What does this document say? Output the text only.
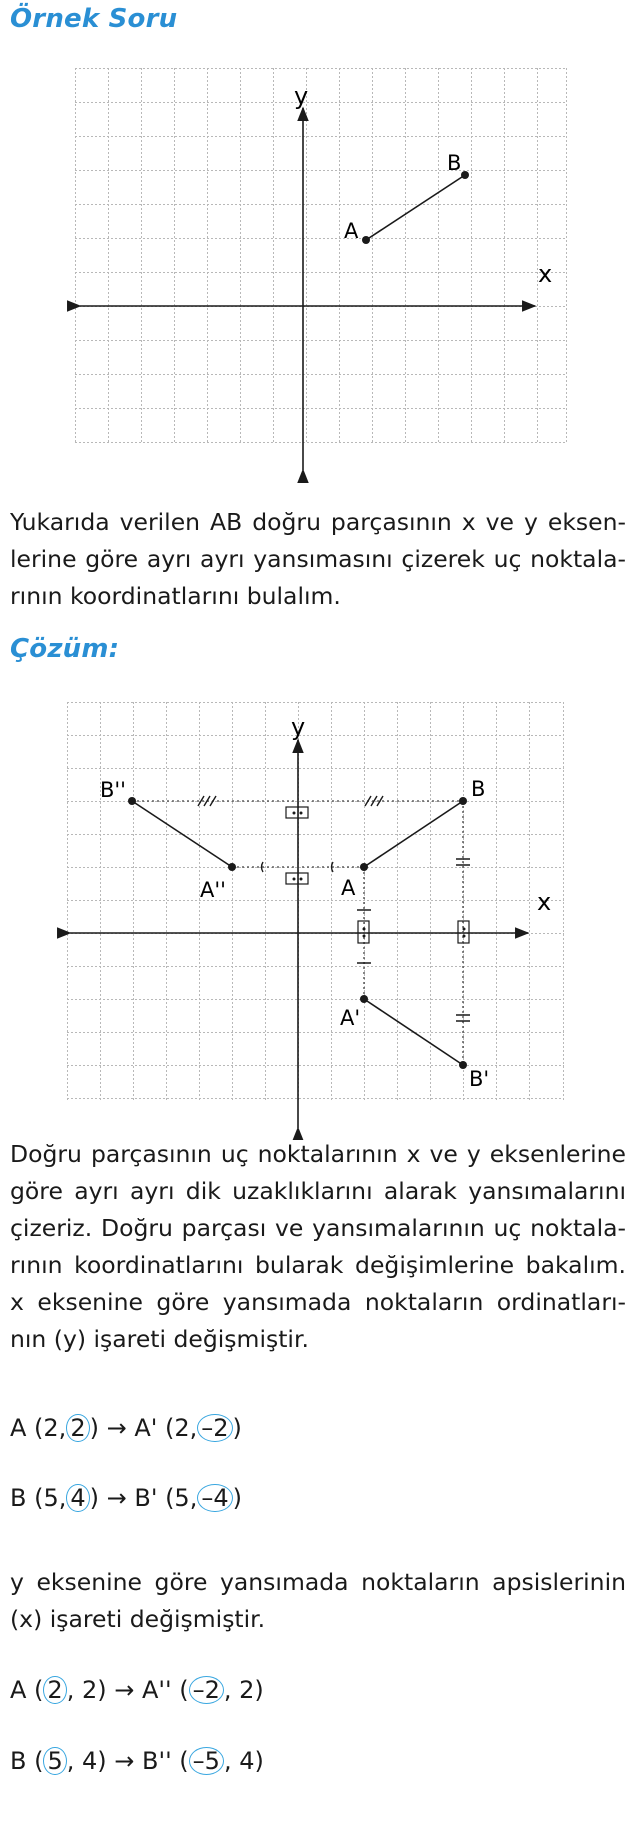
Örnek Soru
y
x
A
B
Yukarıda verilen AB doğru parçasının x ve y eksen-
lerine göre ayrı ayrı yansımasını çizerek uç noktala-
rının koordinatlarını bulalım.
Çözüm:
y
x
A
B
A'
B'
A''
B''
Doğru parçasının uç noktalarının x ve y eksenlerine
göre ayrı ayrı dik uzaklıklarını alarak yansımalarını
çizeriz. Doğru parçası ve yansımalarının uç noktala-
rının koordinatlarını bularak değişimlerine bakalım.
x eksenine göre yansımada noktaların ordinatları-
nın (y) işareti değişmiştir.
A (2, 2 ) → A' (2, –2 )
B (5, 4 ) → B' (5, –4 )
y eksenine göre yansımada noktaların apsislerinin
(x) işareti değişmiştir.
A ( 2 , 2) → A'' ( –2 , 2)
B ( 5 , 4) → B'' ( –5 , 4)
